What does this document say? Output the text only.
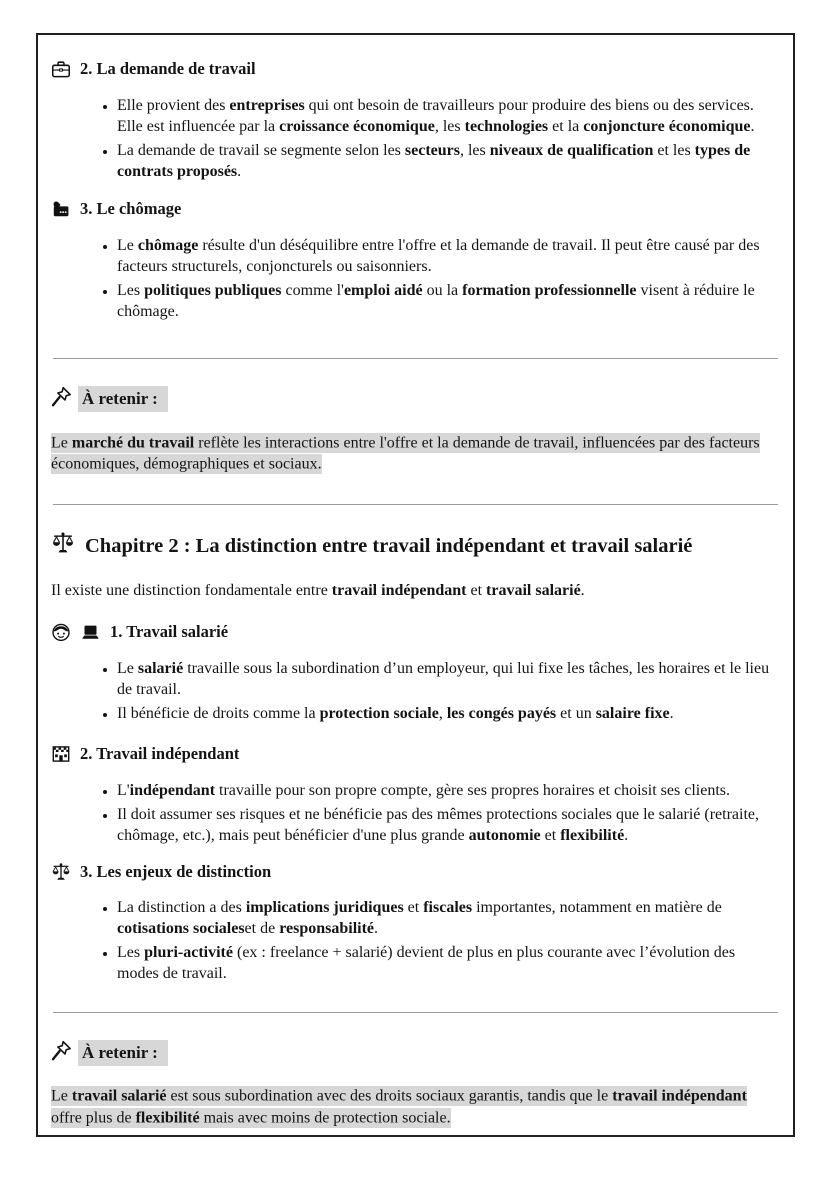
2. La demande de travail
• Elle provient des entreprises qui ont besoin de travailleurs pour produire des biens ou des services. Elle est influencée par la croissance économique, les technologies et la conjoncture économique.
• La demande de travail se segmente selon les secteurs, les niveaux de qualification et les types de contrats proposés.
3. Le chômage
• Le chômage résulte d'un déséquilibre entre l'offre et la demande de travail. Il peut être causé par des facteurs structurels, conjoncturels ou saisonniers.
• Les politiques publiques comme l'emploi aidé ou la formation professionnelle visent à réduire le chômage.
À retenir :

Le marché du travail reflète les interactions entre l'offre et la demande de travail, influencées par des facteurs économiques, démographiques et sociaux.

Chapitre 2 : La distinction entre travail indépendant et travail salarié

Il existe une distinction fondamentale entre travail indépendant et travail salarié.

1. Travail salarié
• Le salarié travaille sous la subordination d’un employeur, qui lui fixe les tâches, les horaires et le lieu de travail.
• Il bénéficie de droits comme la protection sociale, les congés payés et un salaire fixe.
2. Travail indépendant
• L'indépendant travaille pour son propre compte, gère ses propres horaires et choisit ses clients.
• Il doit assumer ses risques et ne bénéficie pas des mêmes protections sociales que le salarié (retraite, chômage, etc.), mais peut bénéficier d'une plus grande autonomie et flexibilité.
3. Les enjeux de distinction
• La distinction a des implications juridiques et fiscales importantes, notamment en matière de cotisations socialeset de responsabilité.
• Les pluri-activité (ex : freelance + salarié) devient de plus en plus courante avec l’évolution des modes de travail.
À retenir :

Le travail salarié est sous subordination avec des droits sociaux garantis, tandis que le travail indépendant offre plus de flexibilité mais avec moins de protection sociale.
